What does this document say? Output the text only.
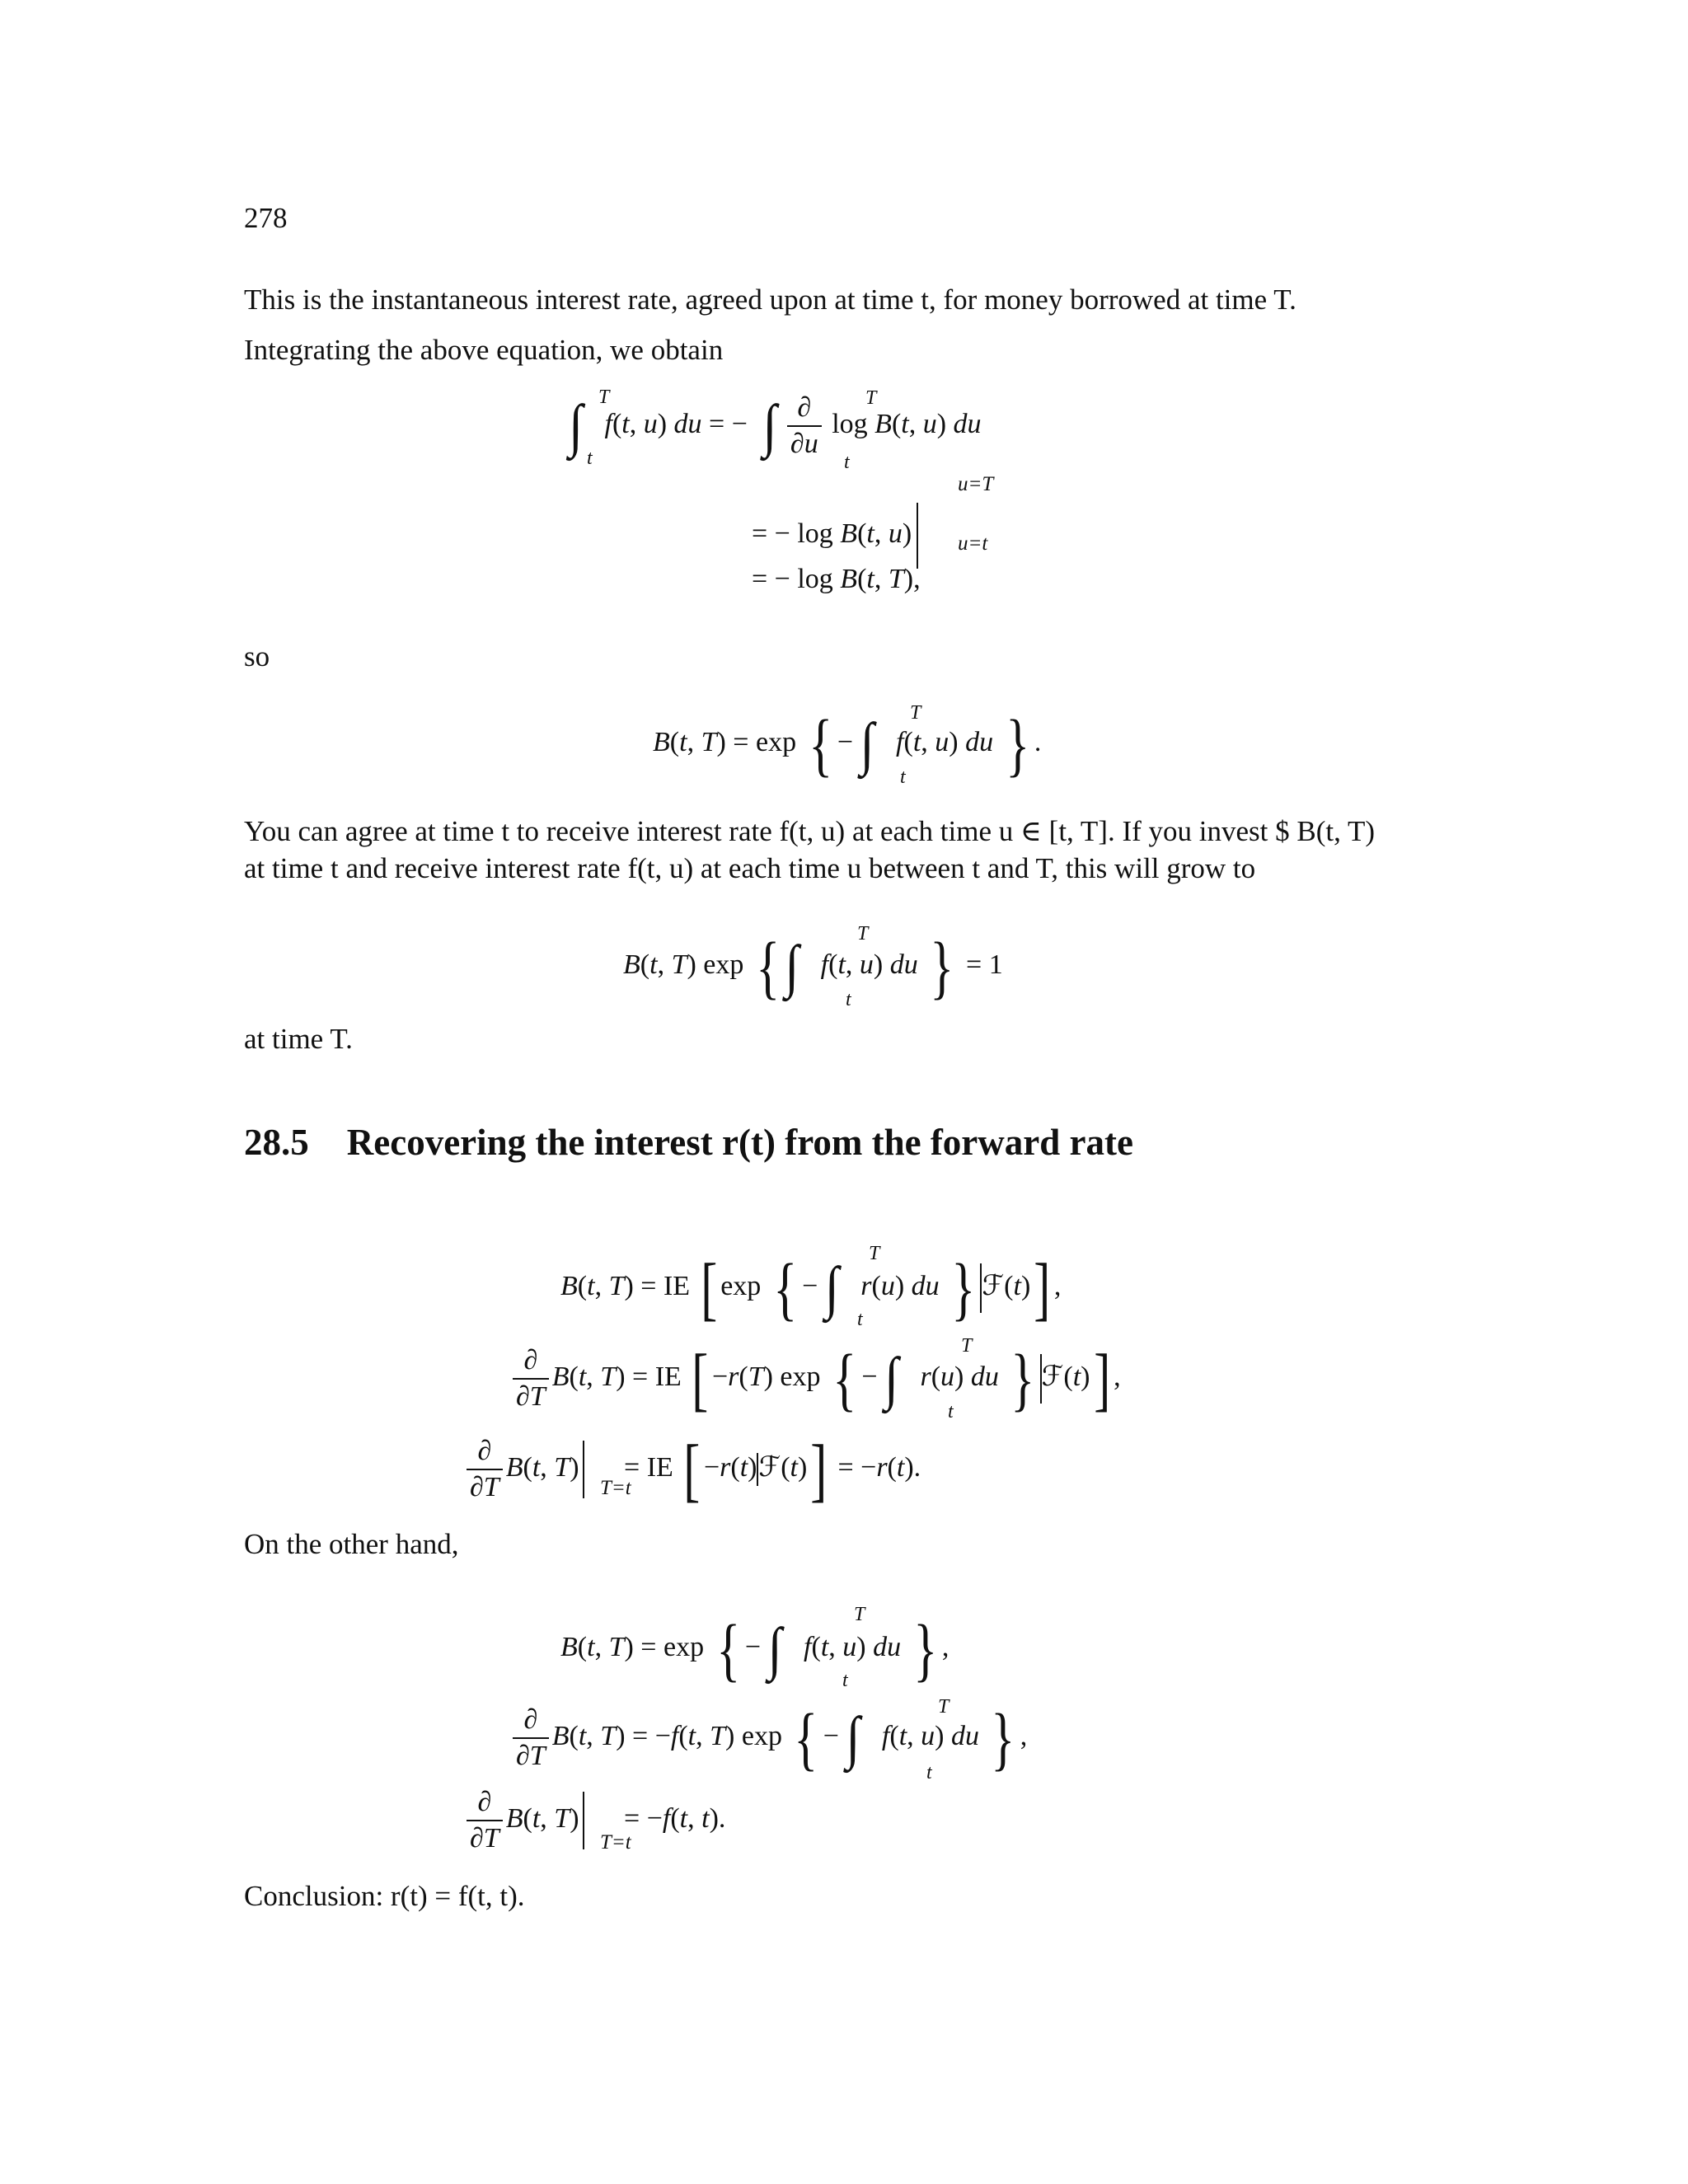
278
This is the instantaneous interest rate, agreed upon at time t, for money borrowed at time T.
Integrating the above equation, we obtain
∫ T
t
f(t, u) du = − ∫ $\frac{\partial}{\partial u}$ log B(t, u) du
T
t
= − log B(t, u)
u=T
u=t
= − log B(t, T),
so
B(t, T) = exp { − ∫ f(t, u) du } .
T
t
You can agree at time t to receive interest rate f(t, u) at each time u ∈ [t, T]. If you invest $ B(t, T)
at time t and receive interest rate f(t, u) at each time u between t and T, this will grow to
B(t, T) exp {∫ f(t, u) du } = 1
T
t
at time T.
28.5 Recovering the interest r(t) from the forward rate
B(t, T) = IE [ exp { − ∫ r(u) du } ℱ(t)] ,
T
t
$\frac{\partial}{\partial T} B(t$, T) = IE [ −r(T) exp { − ∫ r(u) du } ℱ(t)] ,
T
t
$\frac{\partial}{\partial T} B(t$, T) = IE [ −r(t)ℱ(t)] = −r(t).
T=t
On the other hand,
B(t, T) = exp { − ∫ f(t, u) du } ,
T
t
$\frac{\partial}{\partial T} B(t$, T) = −f(t, T) exp { − ∫ f(t, u) du } ,
T
t
$\frac{\partial}{\partial T} B(t$, T) = −f(t, t).
T=t
Conclusion: r(t) = f(t, t).
